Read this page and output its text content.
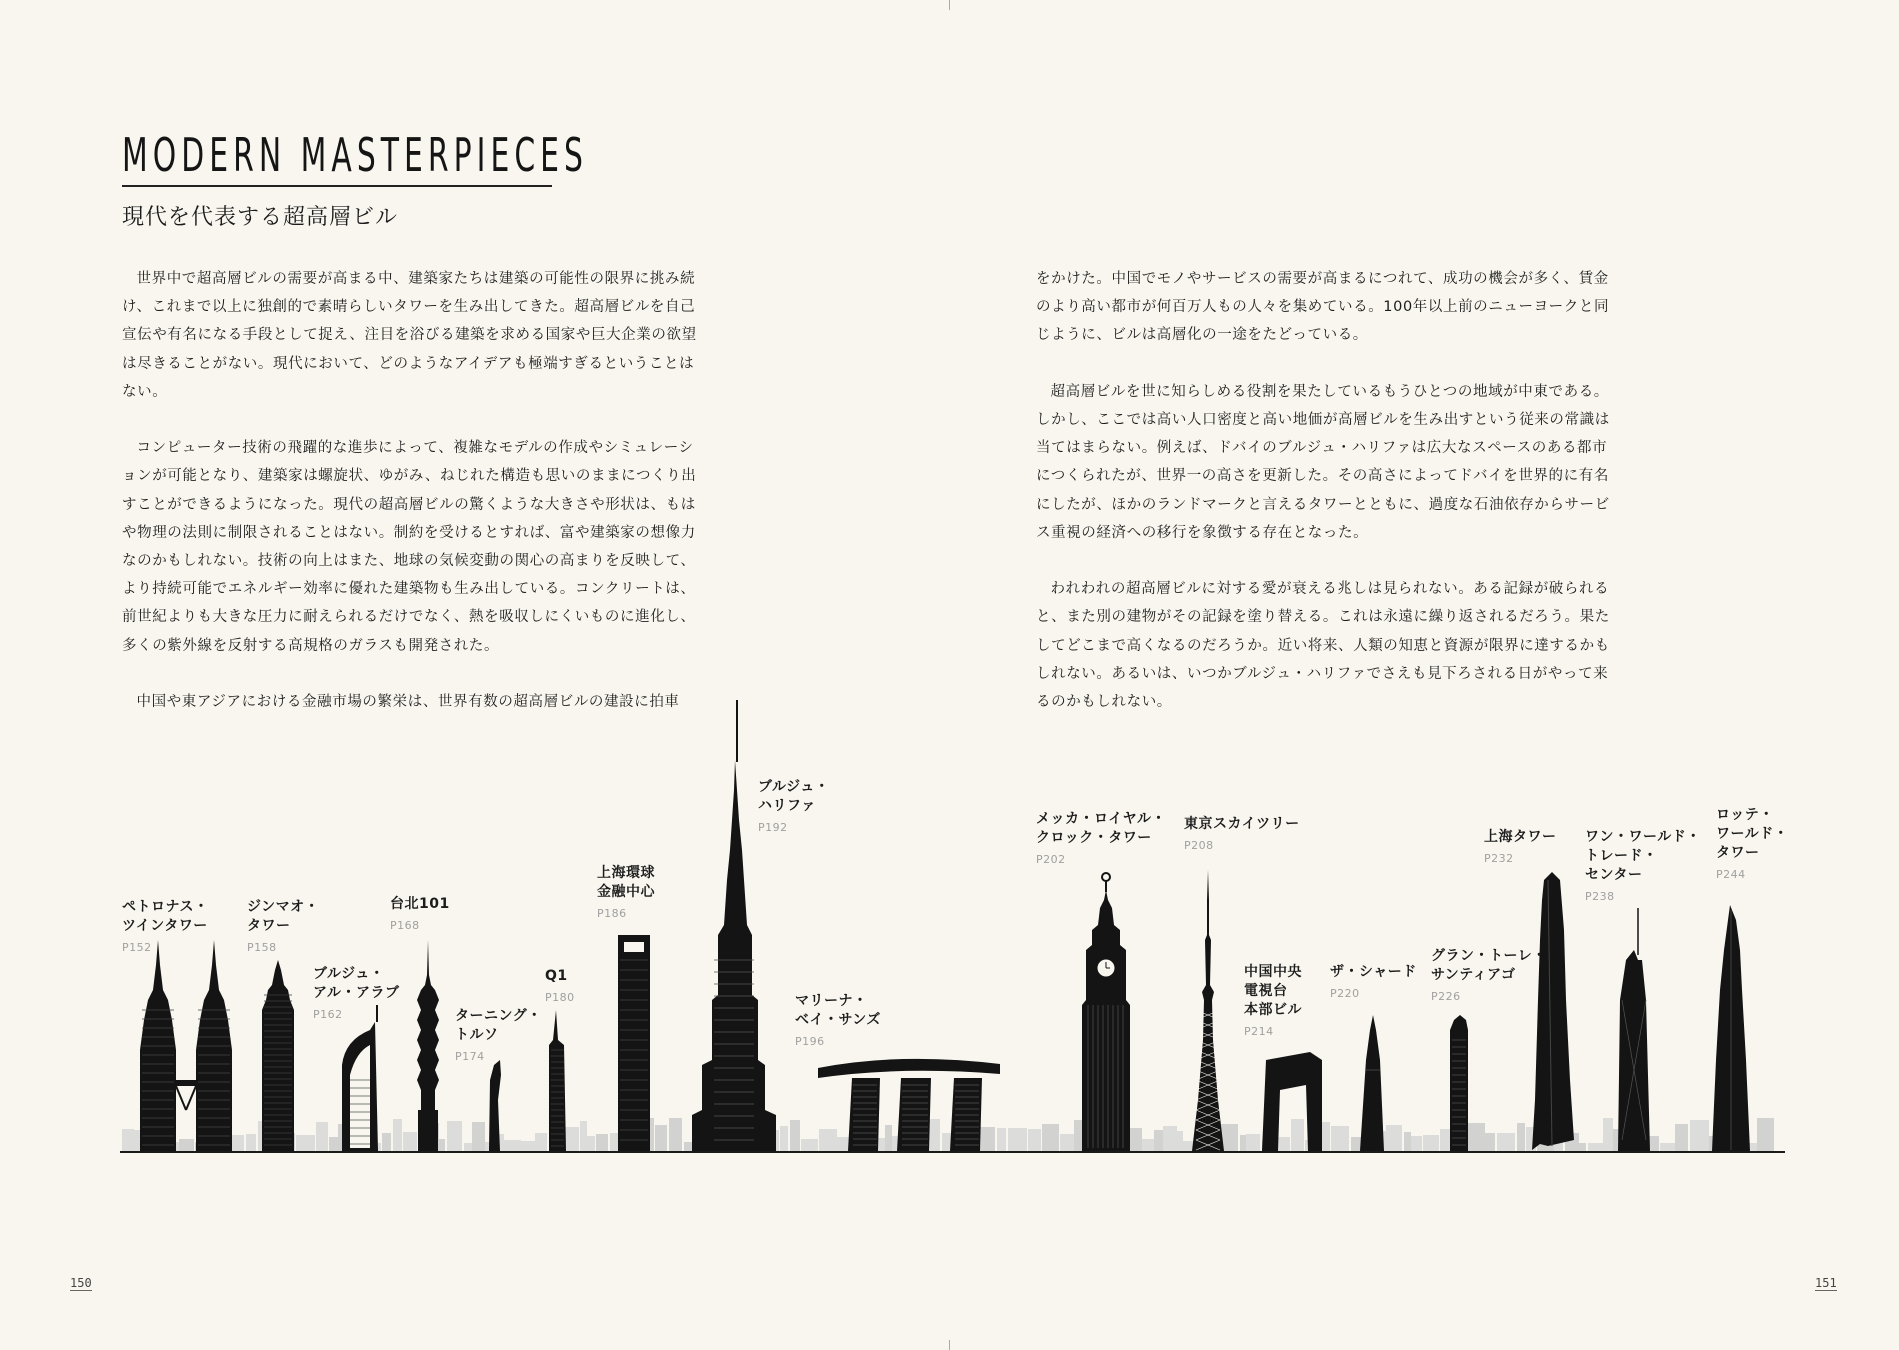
MODERN MASTERPIECES
現代を代表する超高層ビル

世界中で超高層ビルの需要が高まる中、建築家たちは建築の可能性の限界に挑み続け、これまで以上に独創的で素晴らしいタワーを生み出してきた。超高層ビルを自己宣伝や有名になる手段として捉え、注目を浴びる建築を求める国家や巨大企業の欲望は尽きることがない。現代において、どのようなアイデアも極端すぎるということはない。

コンピューター技術の飛躍的な進歩によって、複雑なモデルの作成やシミュレーションが可能となり、建築家は螺旋状、ゆがみ、ねじれた構造も思いのままにつくり出すことができるようになった。現代の超高層ビルの驚くような大きさや形状は、もはや物理の法則に制限されることはない。制約を受けるとすれば、富や建築家の想像力なのかもしれない。技術の向上はまた、地球の気候変動の関心の高まりを反映して、より持続可能でエネルギー効率に優れた建築物も生み出している。コンクリートは、前世紀よりも大きな圧力に耐えられるだけでなく、熱を吸収しにくいものに進化し、多くの紫外線を反射する高規格のガラスも開発された。

中国や東アジアにおける金融市場の繁栄は、世界有数の超高層ビルの建設に拍車

をかけた。中国でモノやサービスの需要が高まるにつれて、成功の機会が多く、賃金のより高い都市が何百万人もの人々を集めている。100年以上前のニューヨークと同じように、ビルは高層化の一途をたどっている。

超高層ビルを世に知らしめる役割を果たしているもうひとつの地域が中東である。しかし、ここでは高い人口密度と高い地価が高層ビルを生み出すという従来の常識は当てはまらない。例えば、ドバイのブルジュ・ハリファは広大なスペースのある都市につくられたが、世界一の高さを更新した。その高さによってドバイを世界的に有名にしたが、ほかのランドマークと言えるタワーとともに、過度な石油依存からサービス重視の経済への移行を象徴する存在となった。

われわれの超高層ビルに対する愛が衰える兆しは見られない。ある記録が破られると、また別の建物がその記録を塗り替える。これは永遠に繰り返されるだろう。果たしてどこまで高くなるのだろうか。近い将来、人類の知恵と資源が限界に達するかもしれない。あるいは、いつかブルジュ・ハリファでさえも見下ろされる日がやって来るのかもしれない。

ペトロナス・
ツインタワー
P152
ジンマオ・
タワー
P158
ブルジュ・
アル・アラブ
P162
台北101
P168
ターニング・
トルソ
P174
Q1
P180
上海環球
金融中心
P186
ブルジュ・
ハリファ
P192
マリーナ・
ベイ・サンズ
P196
メッカ・ロイヤル・
クロック・タワー
P202
東京スカイツリー
P208
中国中央
電視台
本部ビル
P214
ザ・シャード
P220
グラン・トーレ・
サンティアゴ
P226
上海タワー
P232
ワン・ワールド・
トレード・
センター
P238
ロッテ・
ワールド・
タワー
P244
150	151
